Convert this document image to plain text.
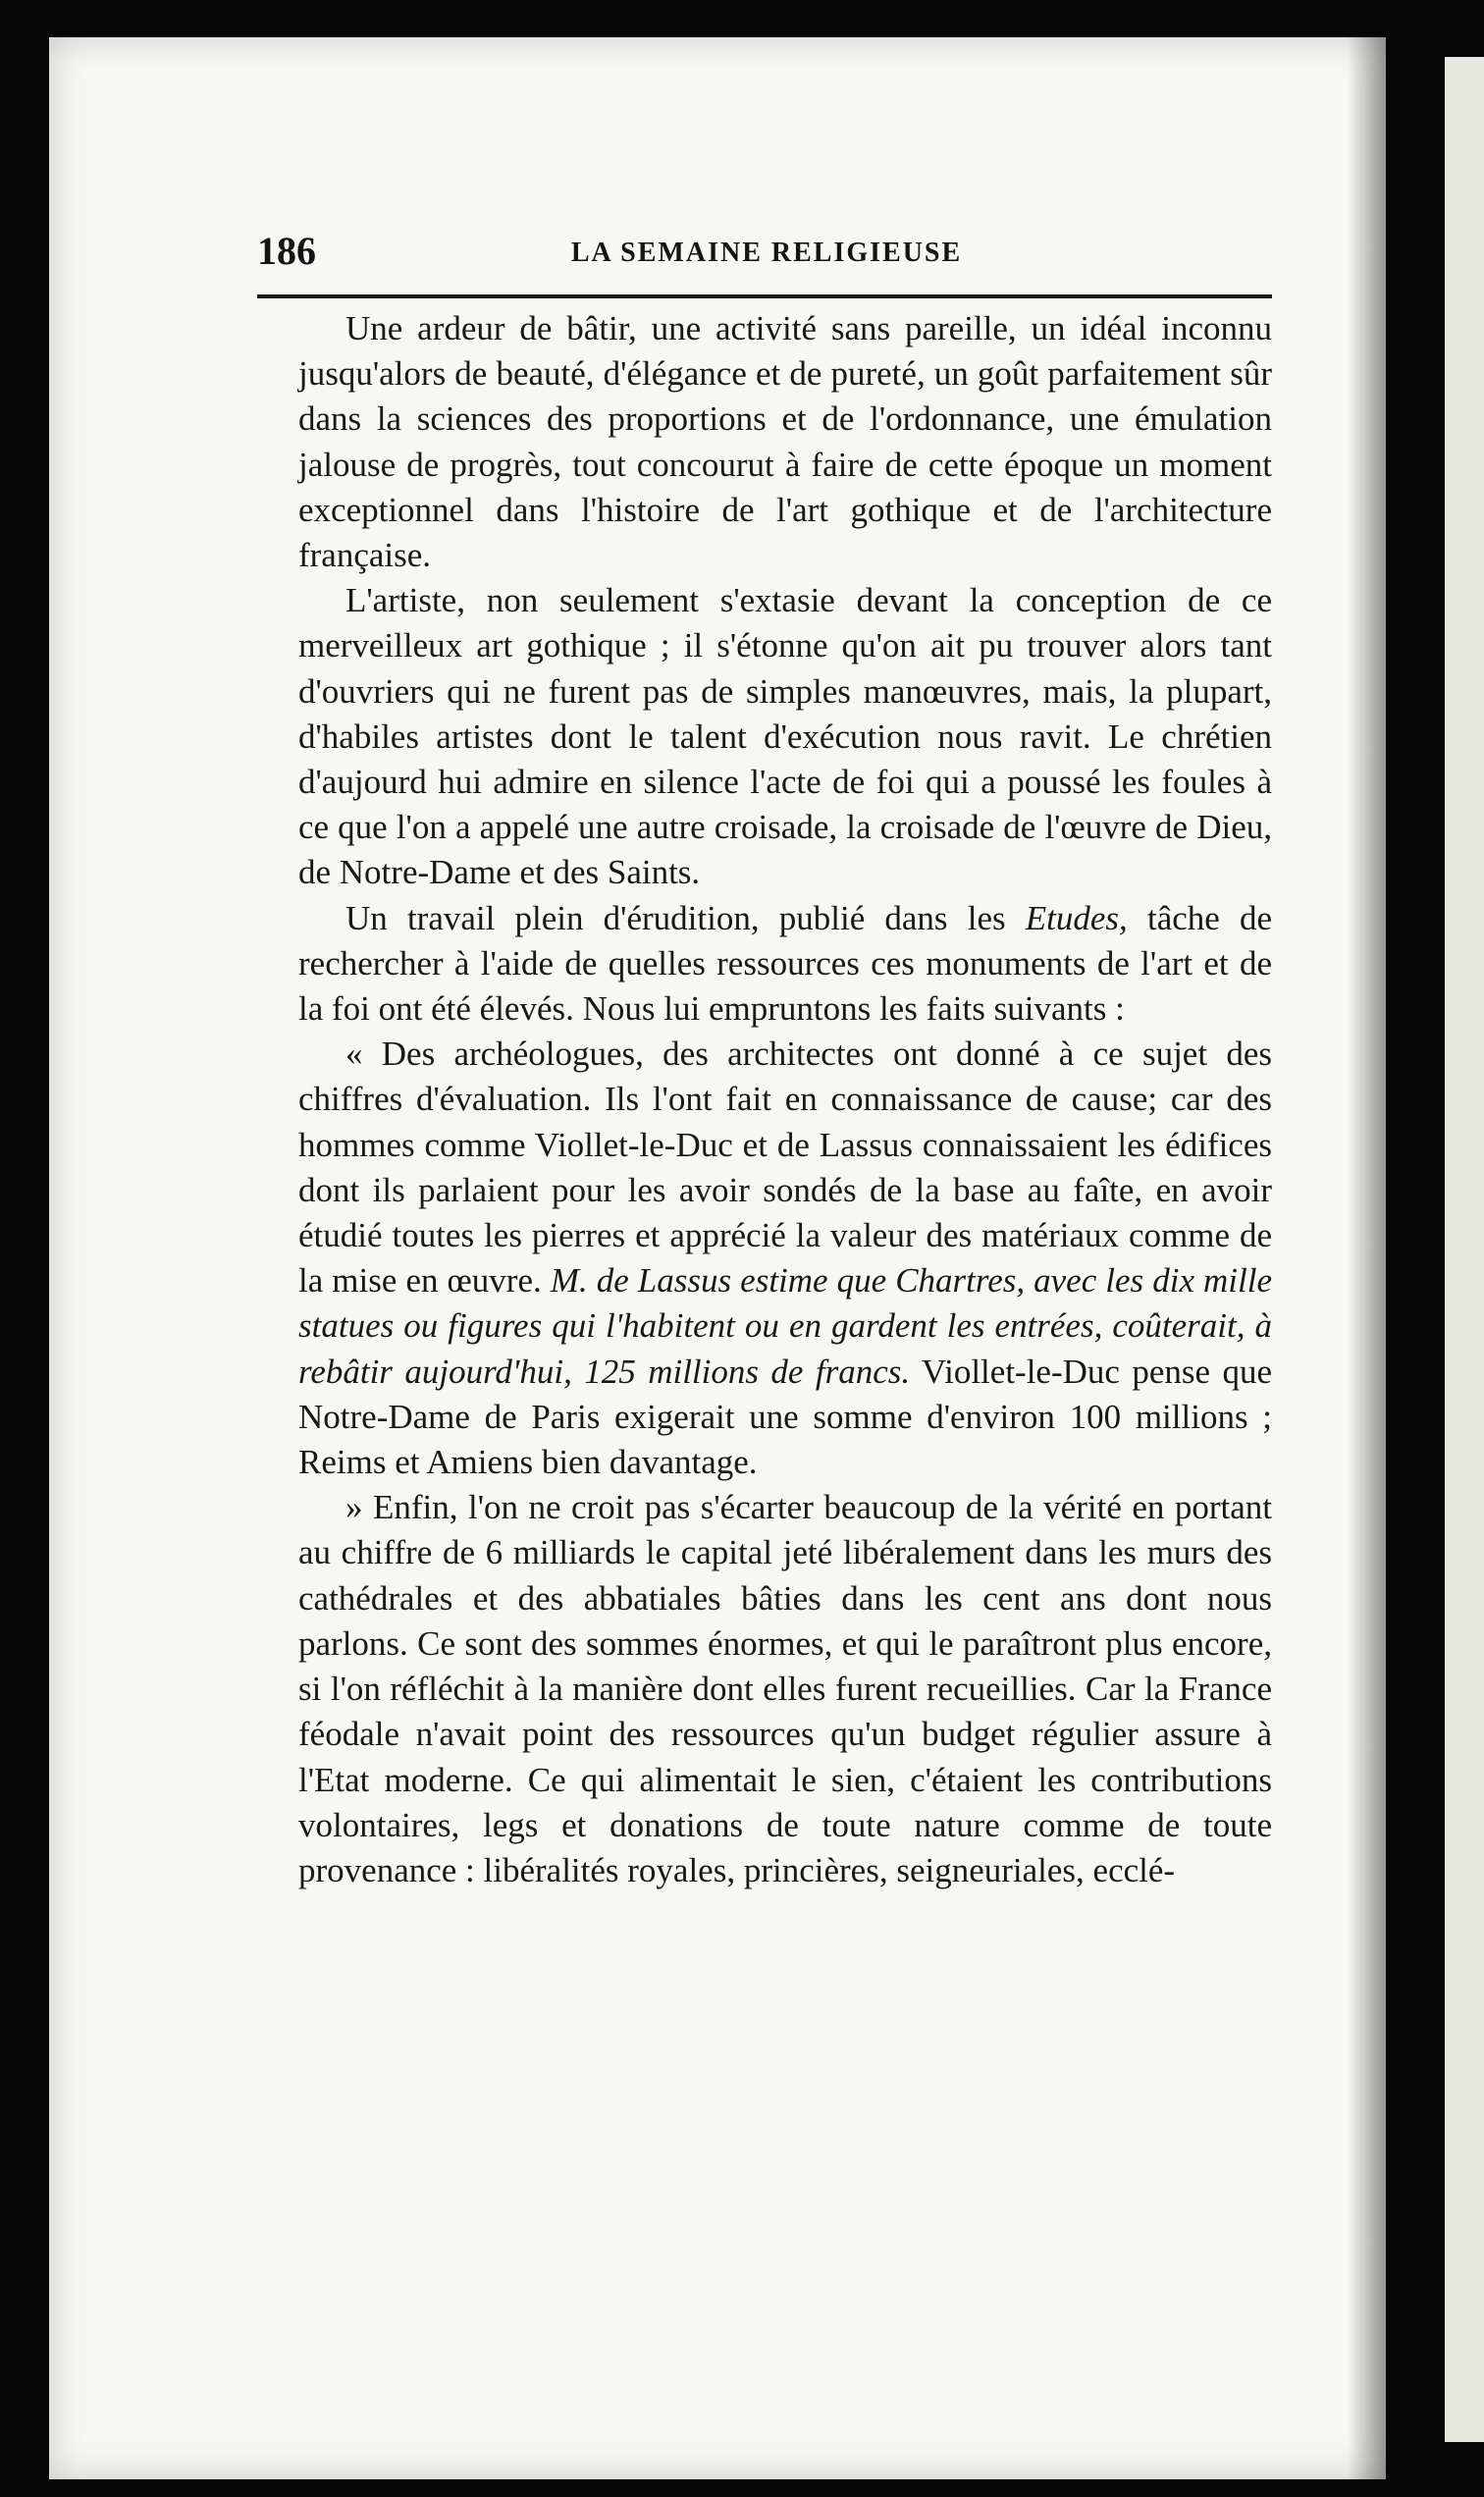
186	LA SEMAINE RELIGIEUSE

Une ardeur de bâtir, une activité sans pareille, un idéal inconnu jusqu'alors de beauté, d'élégance et de pureté, un goût parfaitement sûr dans la sciences des proportions et de l'ordonnance, une émulation jalouse de progrès, tout concourut à faire de cette époque un moment exceptionnel dans l'histoire de l'art gothique et de l'architecture française.

L'artiste, non seulement s'extasie devant la conception de ce merveilleux art gothique ; il s'étonne qu'on ait pu trouver alors tant d'ouvriers qui ne furent pas de simples manœuvres, mais, la plupart, d'habiles artistes dont le talent d'exécution nous ravit. Le chrétien d'aujourd hui admire en silence l'acte de foi qui a poussé les foules à ce que l'on a appelé une autre croisade, la croisade de l'œuvre de Dieu, de Notre-Dame et des Saints.

Un travail plein d'érudition, publié dans les Etudes, tâche de rechercher à l'aide de quelles ressources ces monuments de l'art et de la foi ont été élevés. Nous lui empruntons les faits suivants :

« Des archéologues, des architectes ont donné à ce sujet des chiffres d'évaluation. Ils l'ont fait en connaissance de cause; car des hommes comme Viollet-le-Duc et de Lassus connaissaient les édifices dont ils parlaient pour les avoir sondés de la base au faîte, en avoir étudié toutes les pierres et apprécié la valeur des matériaux comme de la mise en œuvre. M. de Lassus estime que Chartres, avec les dix mille statues ou figures qui l'habitent ou en gardent les entrées, coûterait, à rebâtir aujourd'hui, 125 millions de francs. Viollet-le-Duc pense que Notre-Dame de Paris exigerait une somme d'environ 100 millions ; Reims et Amiens bien davantage.

» Enfin, l'on ne croit pas s'écarter beaucoup de la vérité en portant au chiffre de 6 milliards le capital jeté libéralement dans les murs des cathédrales et des abbatiales bâties dans les cent ans dont nous parlons. Ce sont des sommes énormes, et qui le paraîtront plus encore, si l'on réfléchit à la manière dont elles furent recueillies. Car la France féodale n'avait point des ressources qu'un budget régulier assure à l'Etat moderne. Ce qui alimentait le sien, c'étaient les contributions volontaires, legs et donations de toute nature comme de toute provenance : libéralités royales, princières, seigneuriales, ecclé-
